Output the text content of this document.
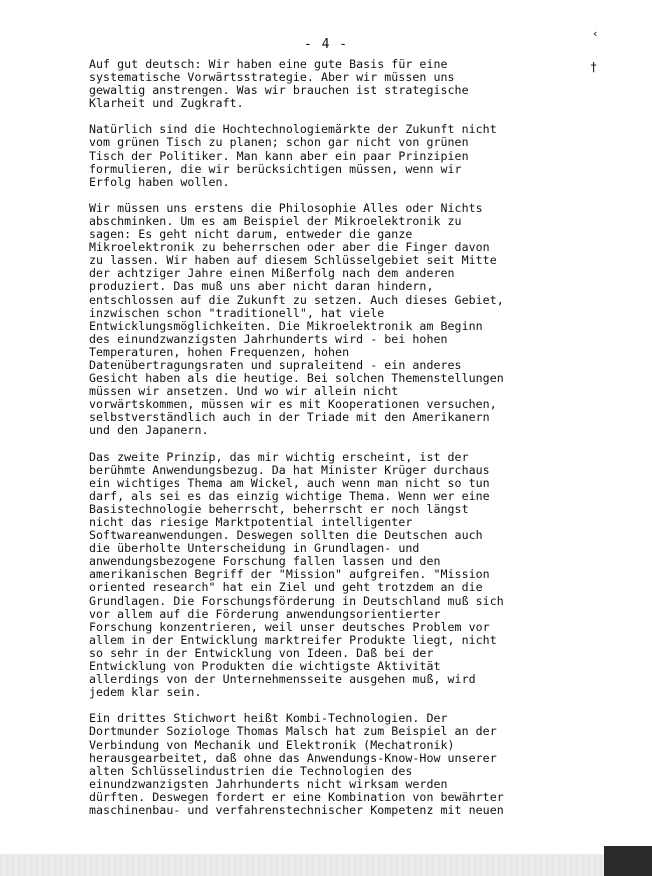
- 4 -
‹
†
Auf gut deutsch: Wir haben eine gute Basis für eine
systematische Vorwärtsstrategie. Aber wir müssen uns
gewaltig anstrengen. Was wir brauchen ist strategische
Klarheit und Zugkraft.
Natürlich sind die Hochtechnologiemärkte der Zukunft nicht
vom grünen Tisch zu planen; schon gar nicht von grünen
Tisch der Politiker. Man kann aber ein paar Prinzipien
formulieren, die wir berücksichtigen müssen, wenn wir
Erfolg haben wollen.
Wir müssen uns erstens die Philosophie Alles oder Nichts
abschminken. Um es am Beispiel der Mikroelektronik zu
sagen: Es geht nicht darum, entweder die ganze
Mikroelektronik zu beherrschen oder aber die Finger davon
zu lassen. Wir haben auf diesem Schlüsselgebiet seit Mitte
der achtziger Jahre einen Mißerfolg nach dem anderen
produziert. Das muß uns aber nicht daran hindern,
entschlossen auf die Zukunft zu setzen. Auch dieses Gebiet,
inzwischen schon "traditionell", hat viele
Entwicklungsmöglichkeiten. Die Mikroelektronik am Beginn
des einundzwanzigsten Jahrhunderts wird - bei hohen
Temperaturen, hohen Frequenzen, hohen
Datenübertragungsraten und supraleitend - ein anderes
Gesicht haben als die heutige. Bei solchen Themenstellungen
müssen wir ansetzen. Und wo wir allein nicht
vorwärtskommen, müssen wir es mit Kooperationen versuchen,
selbstverständlich auch in der Triade mit den Amerikanern
und den Japanern.
Das zweite Prinzip, das mir wichtig erscheint, ist der
berühmte Anwendungsbezug. Da hat Minister Krüger durchaus
ein wichtiges Thema am Wickel, auch wenn man nicht so tun
darf, als sei es das einzig wichtige Thema. Wenn wer eine
Basistechnologie beherrscht, beherrscht er noch längst
nicht das riesige Marktpotential intelligenter
Softwareanwendungen. Deswegen sollten die Deutschen auch
die überholte Unterscheidung in Grundlagen- und
anwendungsbezogene Forschung fallen lassen und den
amerikanischen Begriff der "Mission" aufgreifen. "Mission
oriented research" hat ein Ziel und geht trotzdem an die
Grundlagen. Die Forschungsförderung in Deutschland muß sich
vor allem auf die Förderung anwendungsorientierter
Forschung konzentrieren, weil unser deutsches Problem vor
allem in der Entwicklung marktreifer Produkte liegt, nicht
so sehr in der Entwicklung von Ideen. Daß bei der
Entwicklung von Produkten die wichtigste Aktivität
allerdings von der Unternehmensseite ausgehen muß, wird
jedem klar sein.
Ein drittes Stichwort heißt Kombi-Technologien. Der
Dortmunder Soziologe Thomas Malsch hat zum Beispiel an der
Verbindung von Mechanik und Elektronik (Mechatronik)
herausgearbeitet, daß ohne das Anwendungs-Know-How unserer
alten Schlüsselindustrien die Technologien des
einundzwanzigsten Jahrhunderts nicht wirksam werden
dürften. Deswegen fordert er eine Kombination von bewährter
maschinenbau- und verfahrenstechnischer Kompetenz mit neuen
